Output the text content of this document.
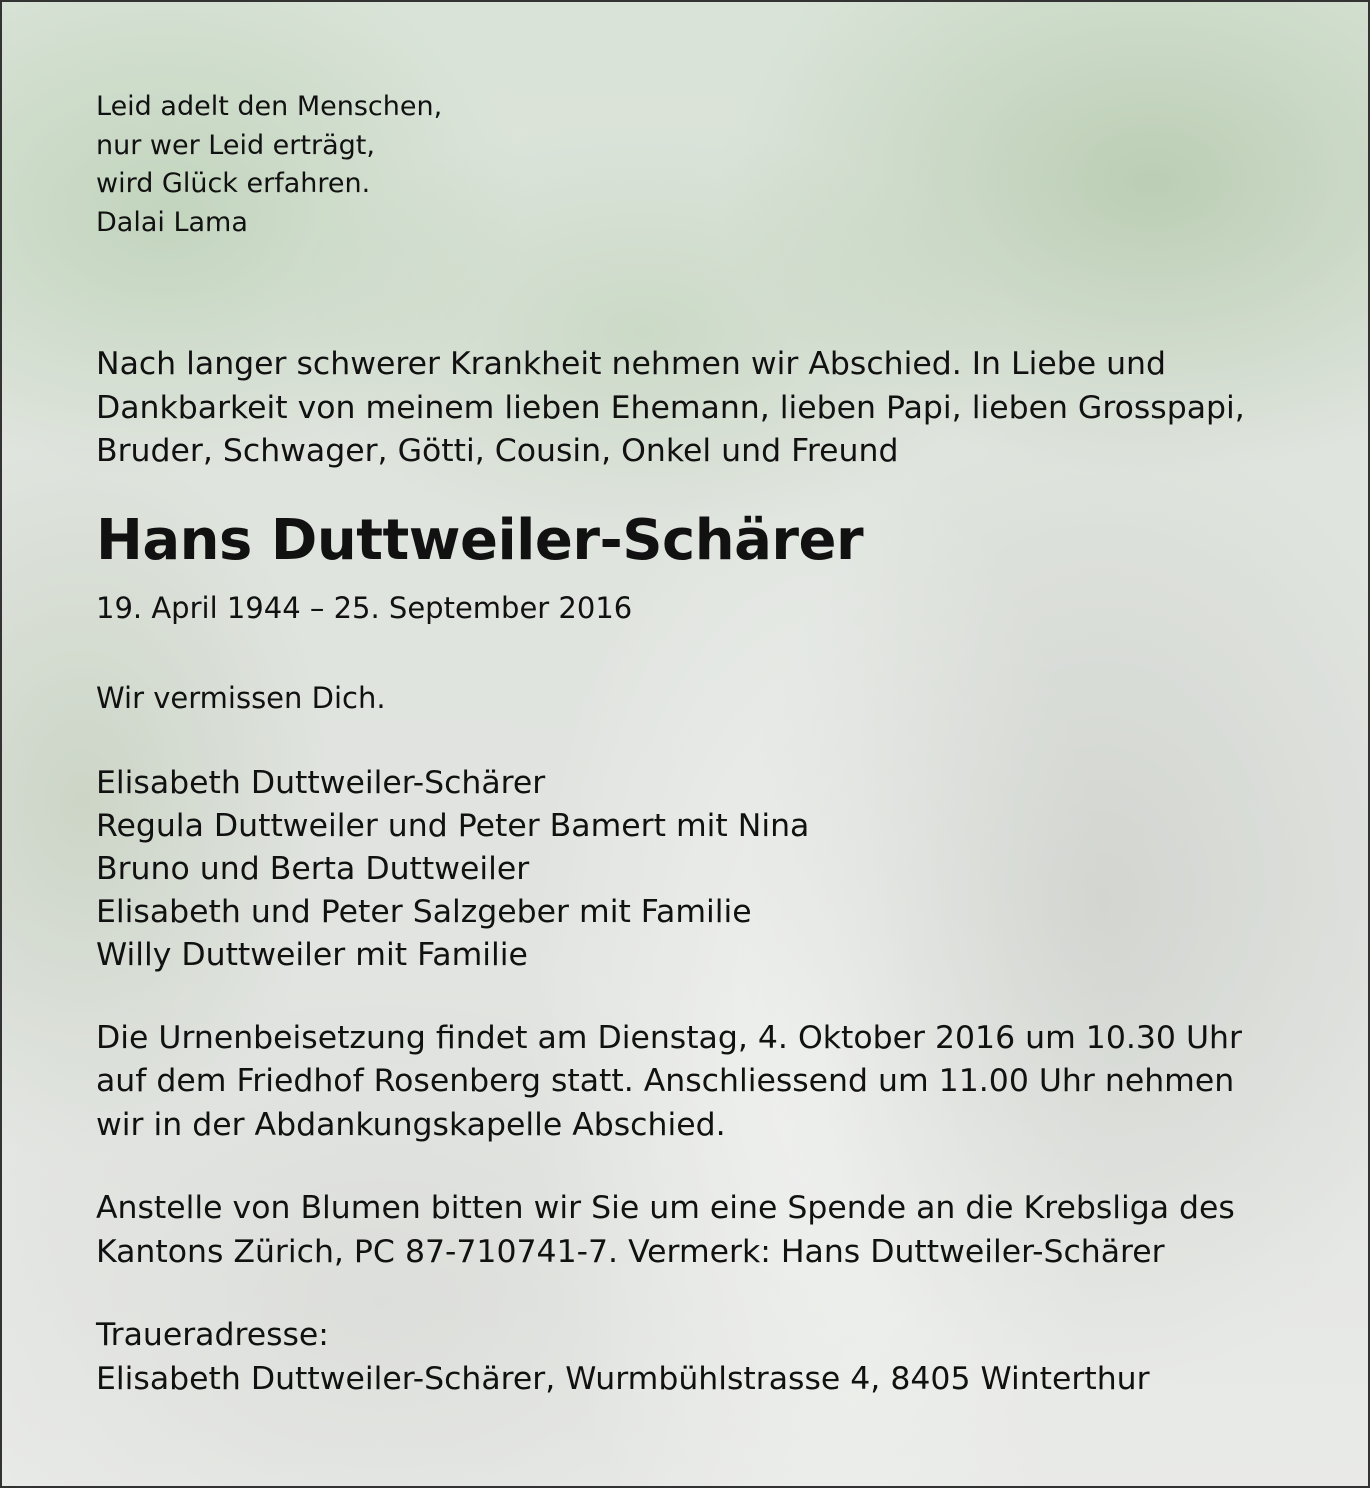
Leid adelt den Menschen,
nur wer Leid erträgt,
wird Glück erfahren.
Dalai Lama
Nach langer schwerer Krankheit nehmen wir Abschied. In Liebe und
Dankbarkeit von meinem lieben Ehemann, lieben Papi, lieben Grosspapi,
Bruder, Schwager, Götti, Cousin, Onkel und Freund
Hans Duttweiler-Schärer
19. April 1944 – 25. September 2016
Wir vermissen Dich.
Elisabeth Duttweiler-Schärer
Regula Duttweiler und Peter Bamert mit Nina
Bruno und Berta Duttweiler
Elisabeth und Peter Salzgeber mit Familie
Willy Duttweiler mit Familie
Die Urnenbeisetzung findet am Dienstag, 4. Oktober 2016 um 10.30 Uhr
auf dem Friedhof Rosenberg statt. Anschliessend um 11.00 Uhr nehmen
wir in der Abdankungskapelle Abschied.
Anstelle von Blumen bitten wir Sie um eine Spende an die Krebsliga des
Kantons Zürich, PC 87-710741-7. Vermerk: Hans Duttweiler-Schärer
Traueradresse:
Elisabeth Duttweiler-Schärer, Wurmbühlstrasse 4, 8405 Winterthur
